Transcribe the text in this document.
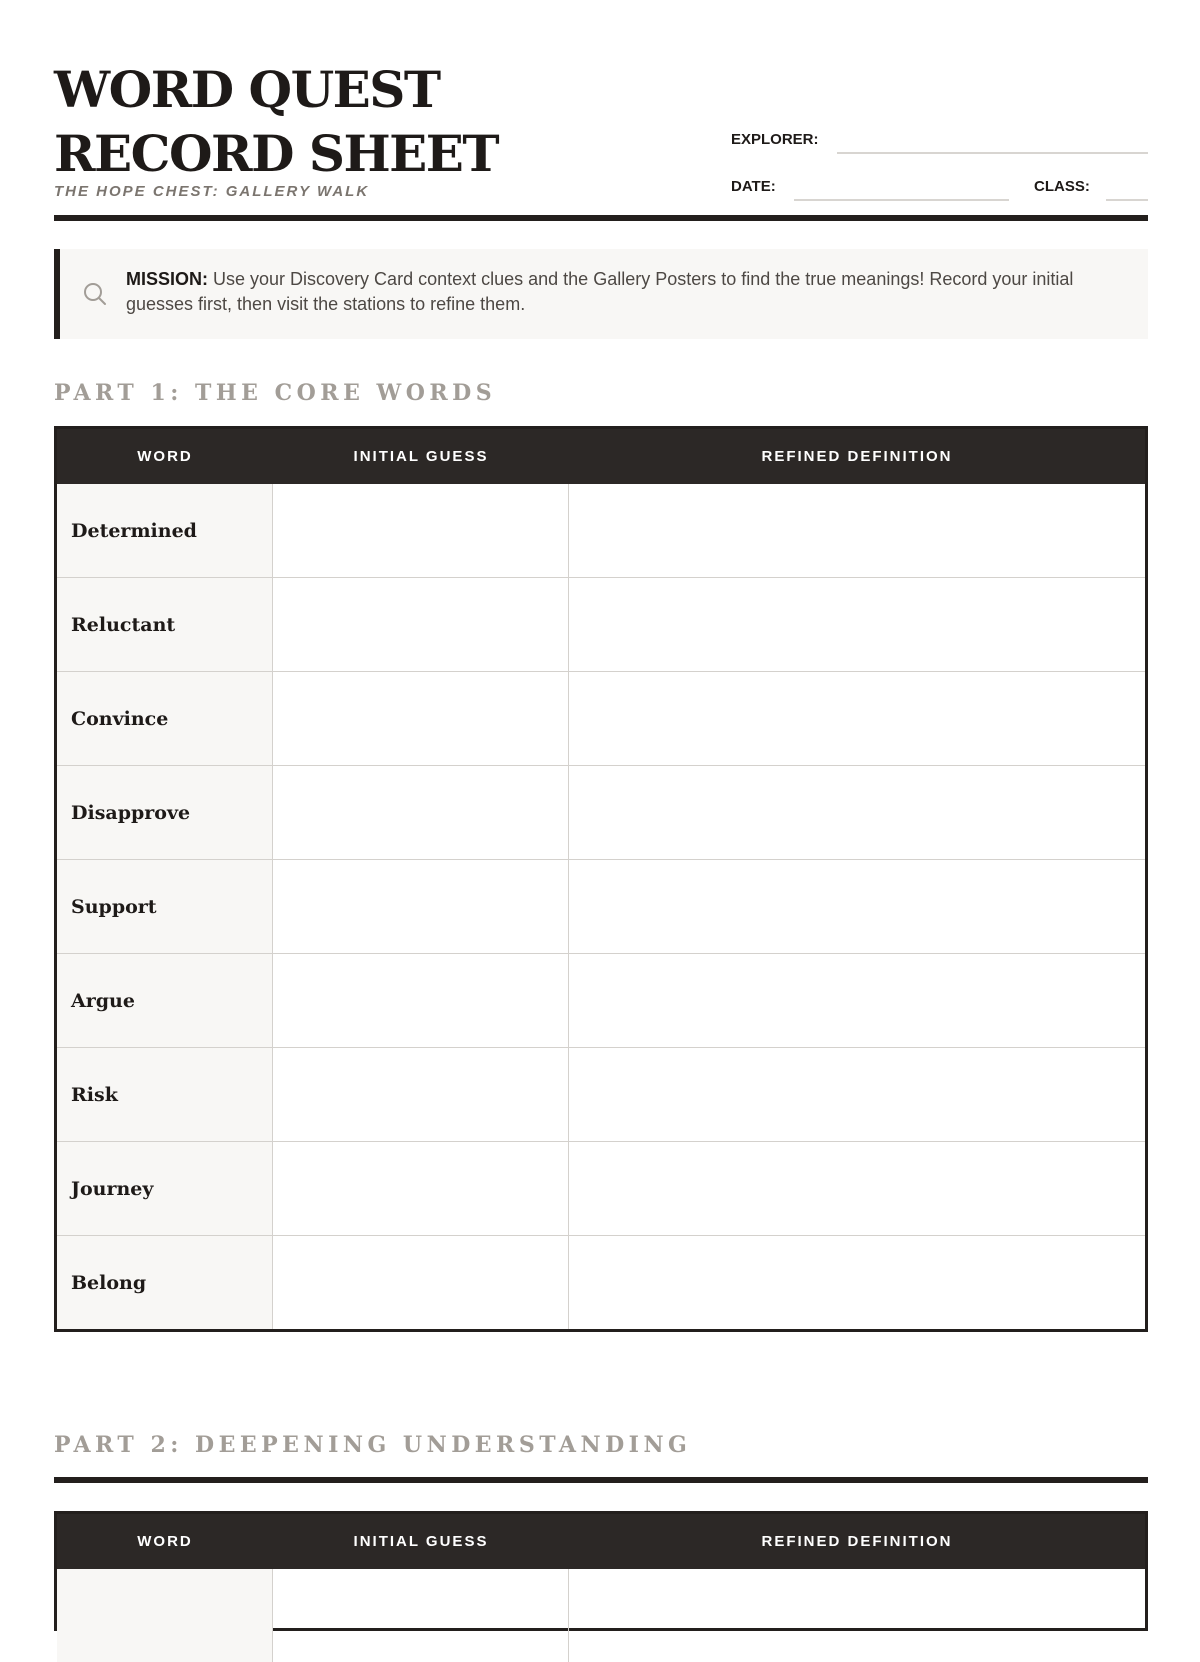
WORD QUEST RECORD SHEET

THE HOPE CHEST: GALLERY WALK

EXPLORER:
DATE:	CLASS:
MISSION: Use your Discovery Card context clues and the Gallery Posters to find the true meanings! Record your initial guesses first, then visit the stations to refine them.
PART 1: THE CORE WORDS
WORD	INITIAL GUESS	REFINED DEFINITION
Determined
Reluctant
Convince
Disapprove
Support
Argue
Risk
Journey
Belong
PART 2: DEEPENING UNDERSTANDING
WORD	INITIAL GUESS	REFINED DEFINITION
